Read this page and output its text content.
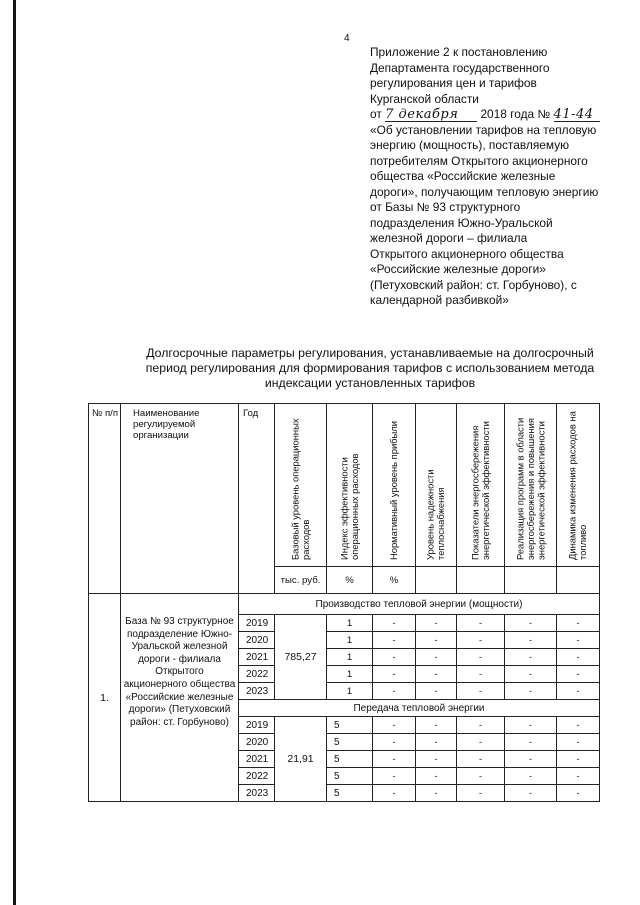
4
Приложение 2 к постановлению
Департамента государственного
регулирования цен и тарифов
Курганской области
от 7 декабря 2018 года № 41-44
«Об установлении тарифов на тепловую
энергию (мощность), поставляемую
потребителям Открытого акционерного
общества «Российские железные
дороги», получающим тепловую энергию
от Базы № 93 структурного
подразделения Южно-Уральской
железной дороги – филиала
Открытого акционерного общества
«Российские железные дороги»
(Петуховский район: ст. Горбуново), с
календарной разбивкой»
Долгосрочные параметры регулирования, устанавливаемые на долгосрочный
период регулирования для формирования тарифов с использованием метода
индексации установленных тарифов
№ п/п	Наименование регулируемой организации	Год	Базовый уровень операционных расходов	Индекс эффективности операционных расходов	Нормативный уровень прибыли	Уровень надежности теплоснабжения	Показатели энергосбережения энергетической эффективности	Реализация программ в области энергосбережения и повышения энергетической эффективности	Динамика изменения расходов на топливо

			тыс. руб.	%	%				
1.	База № 93 структурное подразделение Южно-Уральской железной дороги - филиала Открытого акционерного общества «Российские железные дороги» (Петуховский район: ст. Горбуново)	Производство тепловой энергии (мощности)							
		2019	785,27	1	-	-	-	-	-
		2020		1	-	-	-	-	-
		2021		1	-	-	-	-	-
		2022		1	-	-	-	-	-
		2023		1	-	-	-	-	-
		Передача тепловой энергии							
		2019	21,91	5	-	-	-	-	-
		2020		5	-	-	-	-	-
		2021		5	-	-	-	-	-
		2022		5	-	-	-	-	-
		2023		5	-	-	-	-	-
